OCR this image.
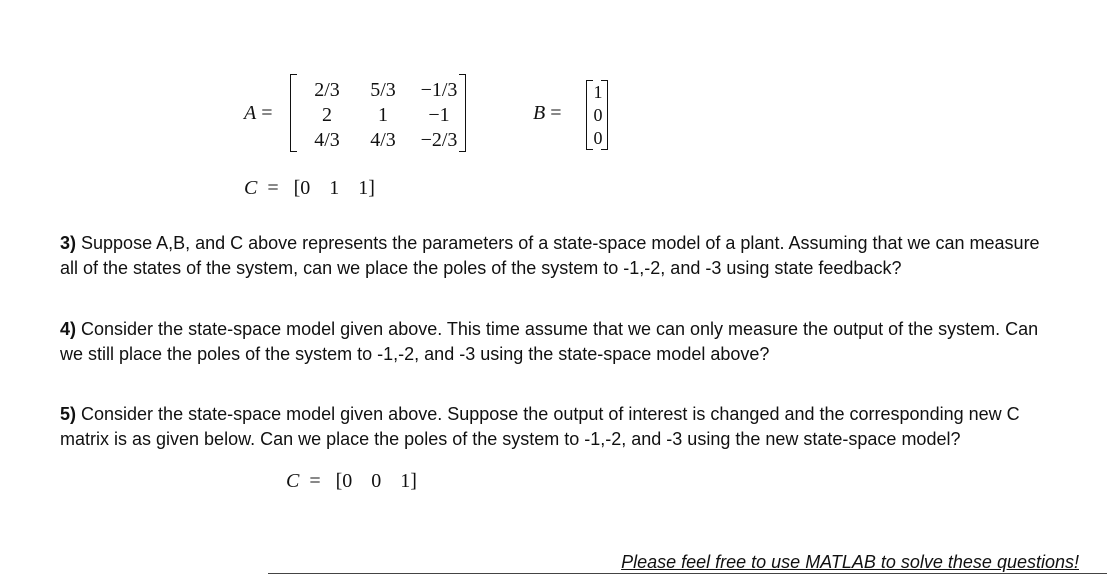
A =
2/3	5/3	−1/3
2	1	−1
4/3	4/3	−2/3
B =
1
0
0
C = [0 1 1]

3) Suppose A,B, and C above represents the parameters of a state-space model of a plant. Assuming that we can measure all of the states of the system, can we place the poles of the system to -1,-2, and -3 using state feedback?

4) Consider the state-space model given above. This time assume that we can only measure the output of the system. Can we still place the poles of the system to -1,-2, and -3 using the state-space model above?

5) Consider the state-space model given above. Suppose the output of interest is changed and the corresponding new C matrix is as given below. Can we place the poles of the system to -1,-2, and -3 using the new state-space model?

C = [0 0 1]
Please feel free to use MATLAB to solve these questions!
